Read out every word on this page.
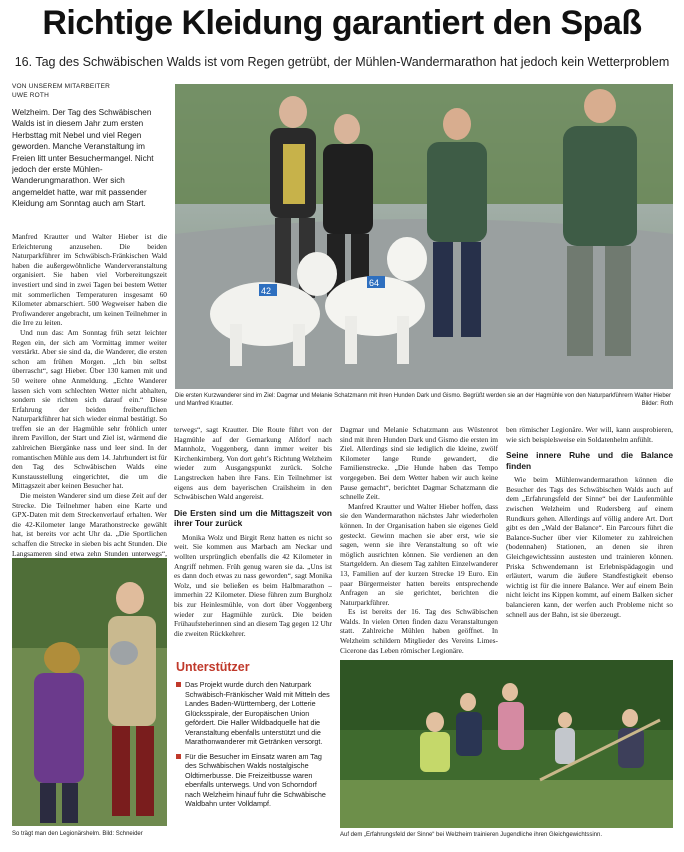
Richtige Kleidung garantiert den Spaß
16. Tag des Schwäbischen Walds ist vom Regen getrübt, der Mühlen-Wandermarathon hat jedoch kein Wetterproblem
VON UNSEREM MITARBEITER
UWE ROTH
Welzheim. Der Tag des Schwäbischen Walds ist in diesem Jahr zum ersten Herbsttag mit Nebel und viel Regen geworden. Manche Veranstaltung im Freien litt unter Besuchermangel. Nicht jedoch der erste Mühlen-Wanderungmarathon. Wer sich angemeldet hatte, war mit passender Kleidung am Sonntag auch am Start.
42
64
Die ersten Kurzwanderer sind im Ziel: Dagmar und Melanie Schatzmann mit ihren Hunden Dark und Gismo. Begrüßt werden sie an der Hagmühle von den Naturparkführern Walter Hieber und Manfred Krautter.	Bilder: Roth

Manfred Krautter und Walter Hieber ist die Erleichterung anzusehen. Die beiden Naturparkführer im Schwäbisch-Fränkischen Wald haben die außergewöhnliche Wanderveranstaltung organisiert. Sie haben viel Vorbereitungszeit investiert und sind in zwei Tagen bei bestem Wetter mit sommerlichen Temperaturen insgesamt 60 Kilometer abmarschiert. 500 Wegweiser haben die Profiwanderer angebracht, um keinen Teilnehmer in die Irre zu leiten.

Und nun das: Am Sonntag früh setzt leichter Regen ein, der sich am Vormittag immer weiter verstärkt. Aber sie sind da, die Wanderer, die ersten schon am frühen Morgen. „Ich bin selbst überrascht“, sagt Hieber. Über 130 kamen mit und 50 weitere ohne Anmeldung. „Echte Wanderer lassen sich vom schlechten Wetter nicht abhalten, sondern sie richten sich darauf ein.“ Diese Erfahrung der beiden freiberuflichen Naturparkführer hat sich wieder einmal bestätigt. So treffen sie an der Hagmühle sehr fröhlich unter ihrem Pavillon, der Start und Ziel ist, wärmend die zahlreichen Biergänke nass und leer sind. In der romantischen Mühle aus dem 14. Jahrhundert ist für den Tag des Schwäbischen Walds eine Kunstausstellung eingerichtet, die um die Mittagszeit aber keinen Besucher hat.

Die meisten Wanderer sind um diese Zeit auf der Strecke. Die Teilnehmer haben eine Karte und GPX-Daten mit dem Streckenverlauf erhalten. Wer die 42-Kilometer lange Marathonstrecke gewählt hat, ist bereits vor acht Uhr da. „Die Sportlichen schaffen die Strecke in sieben bis acht Stunden. Die Langsameren sind etwa zehn Stunden unterwegs“,

terwegs“, sagt Krautter. Die Route führt von der Hagmühle auf der Gemarkung Alfdorf nach Mannholz, Voggenberg, dann immer weiter bis Kirchenkirnberg. Von dort geht’s Richtung Welzheim wieder zum Ausgangspunkt zurück. Solche Langstrecken haben ihre Fans. Ein Teilnehmer ist eigens aus dem bayerischen Crailsheim in den Schwäbischen Wald angereist.

Die Ersten sind um die Mittagszeit von ihrer Tour zurück

Monika Wolz und Birgit Renz hatten es nicht so weit. Sie kommen aus Marbach am Neckar und wollten ursprünglich ebenfalls die 42 Kilometer in Angriff nehmen. Früh genug waren sie da. „Uns ist es dann doch etwas zu nass geworden“, sagt Monika Wolz, und sie beließen es beim Halbmarathon – immerhin 22 Kilometer. Diese führen zum Burgholz bis zur Heinlesmühle, von dort über Voggenberg wieder zur Hagmühle zurück. Die beiden Frühaufsteherinnen sind an diesem Tag gegen 12 Uhr die zweiten Rückkehrer.

Dagmar und Melanie Schatzmann aus Wüstenrot sind mit ihren Hunden Dark und Gismo die ersten im Ziel. Allerdings sind sie lediglich die kleine, zwölf Kilometer lange Runde gewandert, die Familienstrecke. „Die Hunde haben das Tempo vorgegeben. Bei dem Wetter haben wir auch keine Pause gemacht“, berichtet Dagmar Schatzmann die schnelle Zeit.

Manfred Krautter und Walter Hieber hoffen, dass sie den Wandermarathon nächstes Jahr wiederholen können. In der Organisation haben sie eigenes Geld gesteckt. Gewinn machen sie aber erst, wie sie sagen, wenn sie ihre Veranstaltung so oft wie möglich ausrichten können. Sie verdienen an den Startgeldern. An diesem Tag zahlten Einzelwanderer 13, Familien auf der kurzen Strecke 19 Euro. Ein paar Bürgermeister hatten bereits entsprechende Anfragen an sie gerichtet, berichten die Naturparkführer.

Es ist bereits der 16. Tag des Schwäbischen Walds. In vielen Orten finden dazu Veranstaltungen statt. Zahlreiche Mühlen haben geöffnet. In Welzheim schildern Mitglieder des Vereins Limes-Cicerone das Leben römischer Legionäre.

ben römischer Legionäre. Wer will, kann ausprobieren, wie sich beispielsweise ein Soldatenhelm anfühlt.

Seine innere Ruhe und die Balance finden

Wie beim Mühlenwandermarathon können die Besucher des Tags des Schwäbischen Walds auch auf dem „Erfahrungsfeld der Sinne“ bei der Laufenmühle zwischen Welzheim und Rudersberg auf einem Rundkurs gehen. Allerdings auf völlig andere Art. Dort gibt es den „Wald der Balance“. Ein Parcours führt die Balance-Sucher über vier Kilometer zu zahlreichen (bodennahen) Stationen, an denen sie ihren Gleichgewichtssinn austesten und trainieren können. Priska Schwendemann ist Erlebnispädagogin und erläutert, warum die äußere Standfestigkeit ebenso wichtig ist für die innere Balance. Wer auf einem Bein nicht leicht ins Kippen kommt, auf einem Balken sicher balancieren kann, der werfen auch Probleme nicht so schnell aus der Bahn, ist sie überzeugt.

So trägt man den Legionärshelm. Bild: Schneider
Unterstützer
Das Projekt wurde durch den Naturpark Schwäbisch-Fränkischer Wald mit Mitteln des Landes Baden-Württemberg, der Lotterie Glücksspirale, der Europäischen Union gefördert. Die Haller Wildbadquelle hat die Veranstaltung ebenfalls unterstützt und die Marathonwanderer mit Getränken versorgt.
Für die Besucher im Einsatz waren am Tag des Schwäbischen Walds nostalgische Oldtimerbusse. Die Freizeitbusse waren ebenfalls unterwegs. Und von Schorndorf nach Welzheim hinauf fuhr die Schwäbische Waldbahn unter Volldampf.
Auf dem „Erfahrungsfeld der Sinne“ bei Welzheim trainieren Jugendliche ihren Gleichgewichtssinn.
